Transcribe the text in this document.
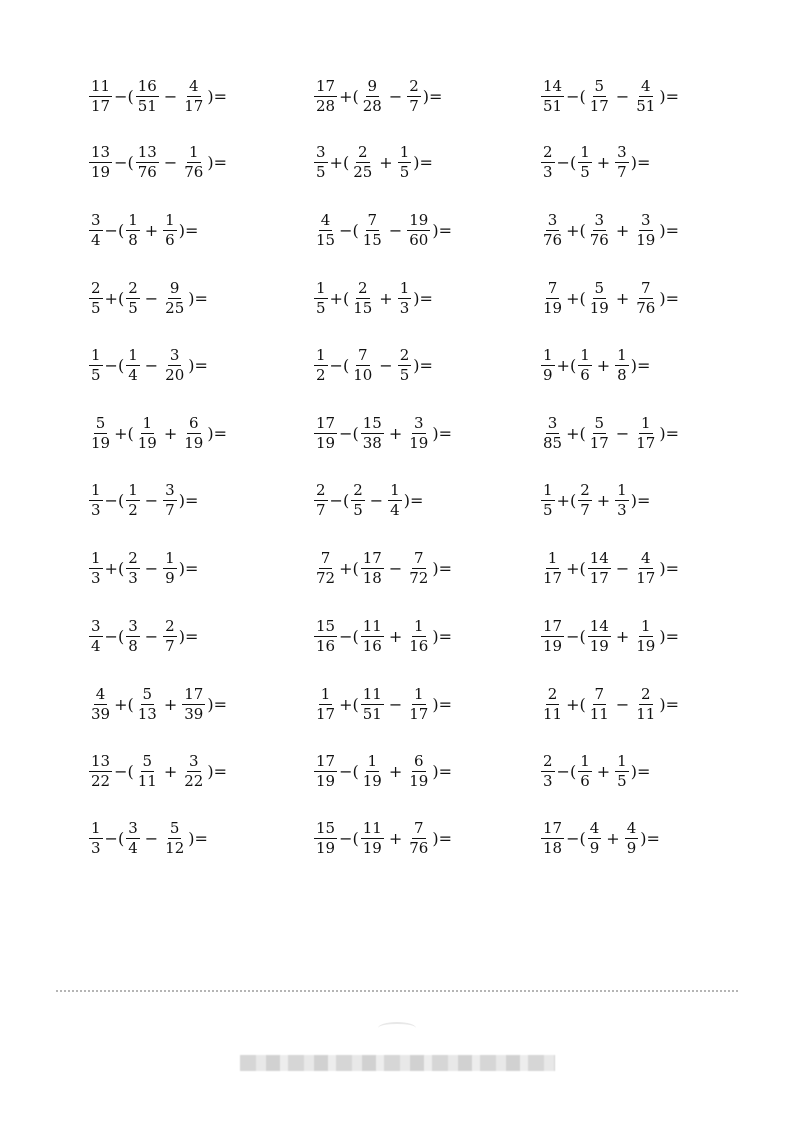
$\frac{11}{17}$ −( $\frac{16}{51} - \frac{4}{17}$ )=	$\frac{17}{28}$ +( $\frac{9}{28} - \frac{2}{7}$ )=	$\frac{14}{51}$ −( $\frac{5}{17} - \frac{4}{51}$ )=
$\frac{13}{19}$ −( $\frac{13}{76} - \frac{1}{76}$ )=	$\frac{3}{5}$ +( $\frac{2}{25} + \frac{1}{5}$ )=	$\frac{2}{3}$ −( $\frac{1}{5} + \frac{3}{7}$ )=
$\frac{3}{4}$ −( $\frac{1}{8} + \frac{1}{6}$ )=	$\frac{4}{15}$ −( $\frac{7}{15} - \frac{19}{60}$ )=	$\frac{3}{76}$ +( $\frac{3}{76} + \frac{3}{19}$ )=
$\frac{2}{5}$ +( $\frac{2}{5} - \frac{9}{25}$ )=	$\frac{1}{5}$ +( $\frac{2}{15} + \frac{1}{3}$ )=	$\frac{7}{19}$ +( $\frac{5}{19} + \frac{7}{76}$ )=
$\frac{1}{5}$ −( $\frac{1}{4} - \frac{3}{20}$ )=	$\frac{1}{2}$ −( $\frac{7}{10} - \frac{2}{5}$ )=	$\frac{1}{9}$ +( $\frac{1}{6} + \frac{1}{8}$ )=
$\frac{5}{19}$ +( $\frac{1}{19} + \frac{6}{19}$ )=	$\frac{17}{19}$ −( $\frac{15}{38} + \frac{3}{19}$ )=	$\frac{3}{85}$ +( $\frac{5}{17} - \frac{1}{17}$ )=
$\frac{1}{3}$ −( $\frac{1}{2} - \frac{3}{7}$ )=	$\frac{2}{7}$ −( $\frac{2}{5} - \frac{1}{4}$ )=	$\frac{1}{5}$ +( $\frac{2}{7} + \frac{1}{3}$ )=
$\frac{1}{3}$ +( $\frac{2}{3} - \frac{1}{9}$ )=	$\frac{7}{72}$ +( $\frac{17}{18} - \frac{7}{72}$ )=	$\frac{1}{17}$ +( $\frac{14}{17} - \frac{4}{17}$ )=
$\frac{3}{4}$ −( $\frac{3}{8} - \frac{2}{7}$ )=	$\frac{15}{16}$ −( $\frac{11}{16} + \frac{1}{16}$ )=	$\frac{17}{19}$ −( $\frac{14}{19} + \frac{1}{19}$ )=
$\frac{4}{39}$ +( $\frac{5}{13} + \frac{17}{39}$ )=	$\frac{1}{17}$ +( $\frac{11}{51} - \frac{1}{17}$ )=	$\frac{2}{11}$ +( $\frac{7}{11} - \frac{2}{11}$ )=
$\frac{13}{22}$ −( $\frac{5}{11} + \frac{3}{22}$ )=	$\frac{17}{19}$ −( $\frac{1}{19} + \frac{6}{19}$ )=	$\frac{2}{3}$ −( $\frac{1}{6} + \frac{1}{5}$ )=
$\frac{1}{3}$ −( $\frac{3}{4} - \frac{5}{12}$ )=	$\frac{15}{19}$ −( $\frac{11}{19} + \frac{7}{76}$ )=	$\frac{17}{18}$ −( $\frac{4}{9} + \frac{4}{9}$ )=
